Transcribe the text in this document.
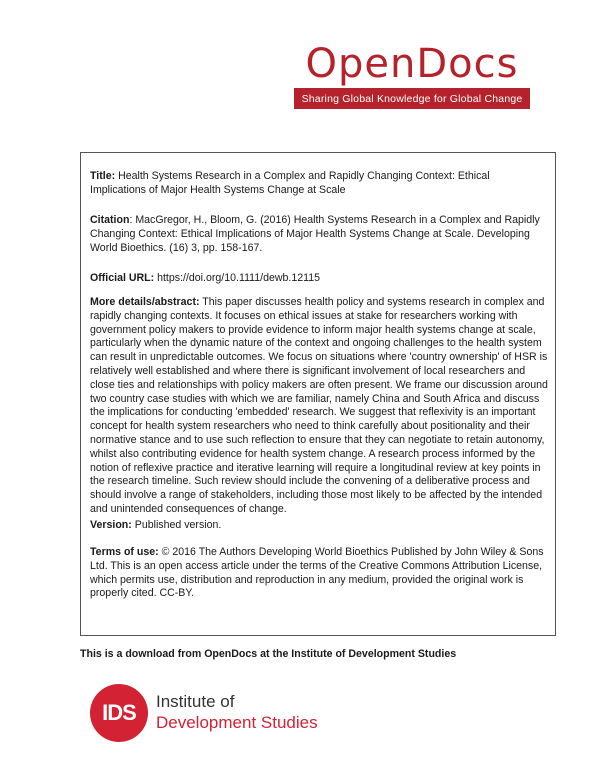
OpenDocs
Sharing Global Knowledge for Global Change

Title: Health Systems Research in a Complex and Rapidly Changing Context: Ethical Implications of Major Health Systems Change at Scale

Citation: MacGregor, H., Bloom, G. (2016) Health Systems Research in a Complex and Rapidly Changing Context: Ethical Implications of Major Health Systems Change at Scale. Developing World Bioethics. (16) 3, pp. 158-167.

Official URL: https://doi.org/10.1111/dewb.12115

More details/abstract: This paper discusses health policy and systems research in complex and rapidly changing contexts. It focuses on ethical issues at stake for researchers working with government policy makers to provide evidence to inform major health systems change at scale, particularly when the dynamic nature of the context and ongoing challenges to the health system can result in unpredictable outcomes. We focus on situations where 'country ownership' of HSR is relatively well established and where there is significant involvement of local researchers and close ties and relationships with policy makers are often present. We frame our discussion around two country case studies with which we are familiar, namely China and South Africa and discuss the implications for conducting 'embedded' research. We suggest that reflexivity is an important concept for health system researchers who need to think carefully about positionality and their normative stance and to use such reflection to ensure that they can negotiate to retain autonomy, whilst also contributing evidence for health system change. A research process informed by the notion of reflexive practice and iterative learning will require a longitudinal review at key points in the research timeline. Such review should include the convening of a deliberative process and should involve a range of stakeholders, including those most likely to be affected by the intended and unintended consequences of change.

Version: Published version.

Terms of use: © 2016 The Authors Developing World Bioethics Published by John Wiley & Sons Ltd. This is an open access article under the terms of the Creative Commons Attribution License, which permits use, distribution and reproduction in any medium, provided the original work is properly cited. CC-BY.

This is a download from OpenDocs at the Institute of Development Studies
IDS	Institute of
Development Studies
